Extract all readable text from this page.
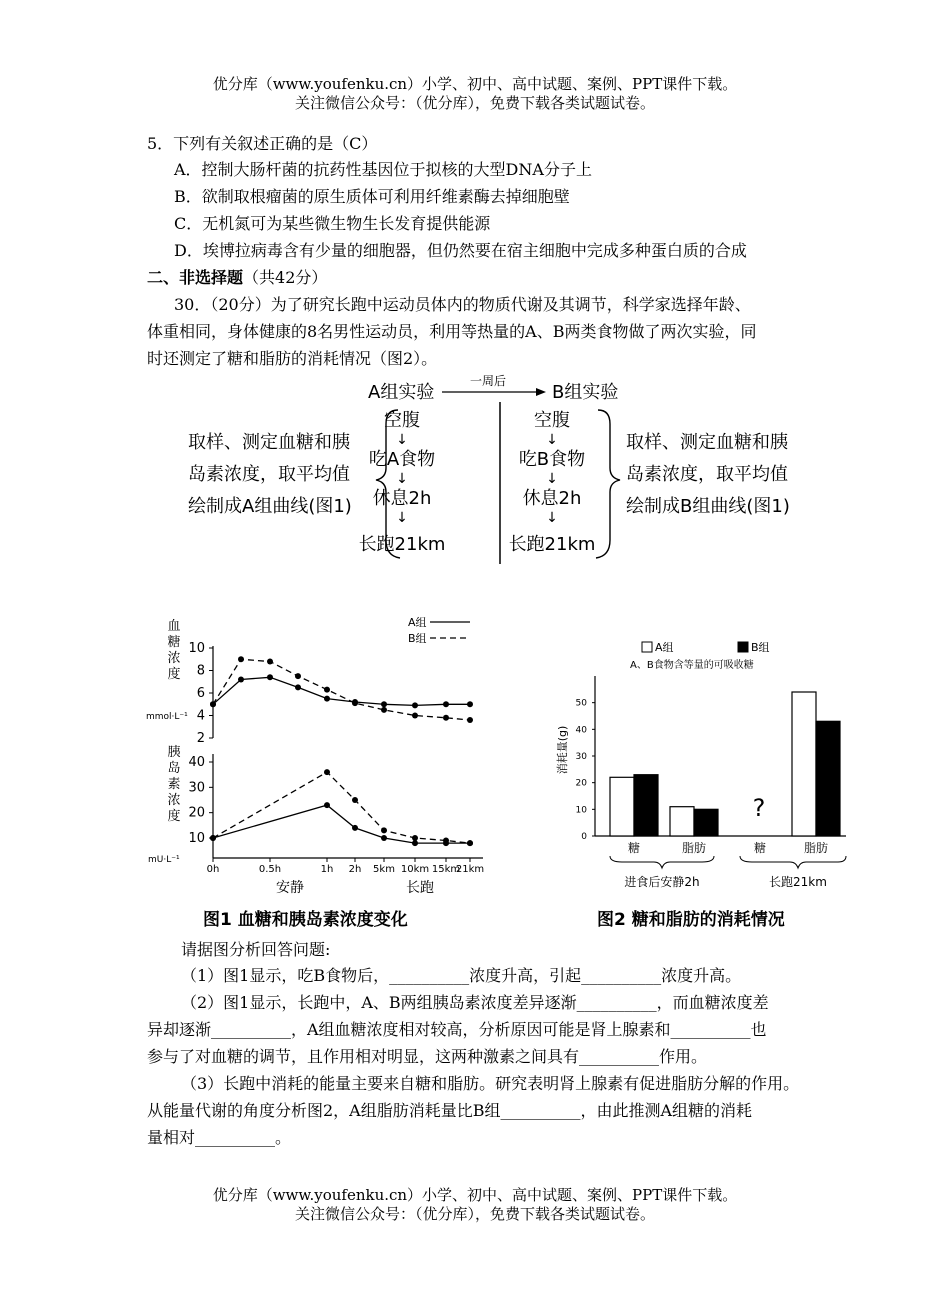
优分库（www.youfenku.cn）小学、初中、高中试题、案例、PPT课件下载。
关注微信公众号：（优分库），免费下载各类试题试卷。
5．下列有关叙述正确的是（C）
A．控制大肠杆菌的抗药性基因位于拟核的大型DNA分子上
B．欲制取根瘤菌的原生质体可利用纤维素酶去掉细胞壁
C．无机氮可为某些微生物生长发育提供能源
D．埃博拉病毒含有少量的细胞器，但仍然要在宿主细胞中完成多种蛋白质的合成
二、非选择题（共42分）
30．（20分）为了研究长跑中运动员体内的物质代谢及其调节，科学家选择年龄、
体重相同，身体健康的8名男性运动员，利用等热量的A、B两类食物做了两次实验，同
时还测定了糖和脂肪的消耗情况（图2）。
A组实验	B组实验
一周后
空腹
↓
吃A食物
↓
休息2h
↓
长跑21km
空腹
↓
吃B食物
↓
休息2h
↓
长跑21km
取样、测定血糖和胰
岛素浓度，取平均值
绘制成A组曲线(图1)
取样、测定血糖和胰
岛素浓度，取平均值
绘制成B组曲线(图1)
血
糖
浓
度
mmol·L⁻¹
胰
岛
素
浓
度
mU·L⁻¹
A组
B组
2
4
6
8
10
10
20
30
40
0h	0.5h	1h 2h 5km 10km 15km
21km
安静	长跑
图1 血糖和胰岛素浓度变化
A组	B组
A、B食物含等量的可吸收糖
消耗量(g)
0
10
20
30
40
50
糖	脂肪	糖	脂肪
?
进食后安静2h	长跑21km
图2 糖和脂肪的消耗情况
请据图分析回答问题:
（1）图1显示，吃B食物后，__________浓度升高，引起__________浓度升高。
（2）图1显示，长跑中，A、B两组胰岛素浓度差异逐渐__________，而血糖浓度差
异却逐渐__________，A组血糖浓度相对较高，分析原因可能是肾上腺素和__________也
参与了对血糖的调节，且作用相对明显，这两种激素之间具有__________作用。
（3）长跑中消耗的能量主要来自糖和脂肪。研究表明肾上腺素有促进脂肪分解的作用。
从能量代谢的角度分析图2，A组脂肪消耗量比B组__________，由此推测A组糖的消耗
量相对__________。
优分库（www.youfenku.cn）小学、初中、高中试题、案例、PPT课件下载。
关注微信公众号：（优分库），免费下载各类试题试卷。
